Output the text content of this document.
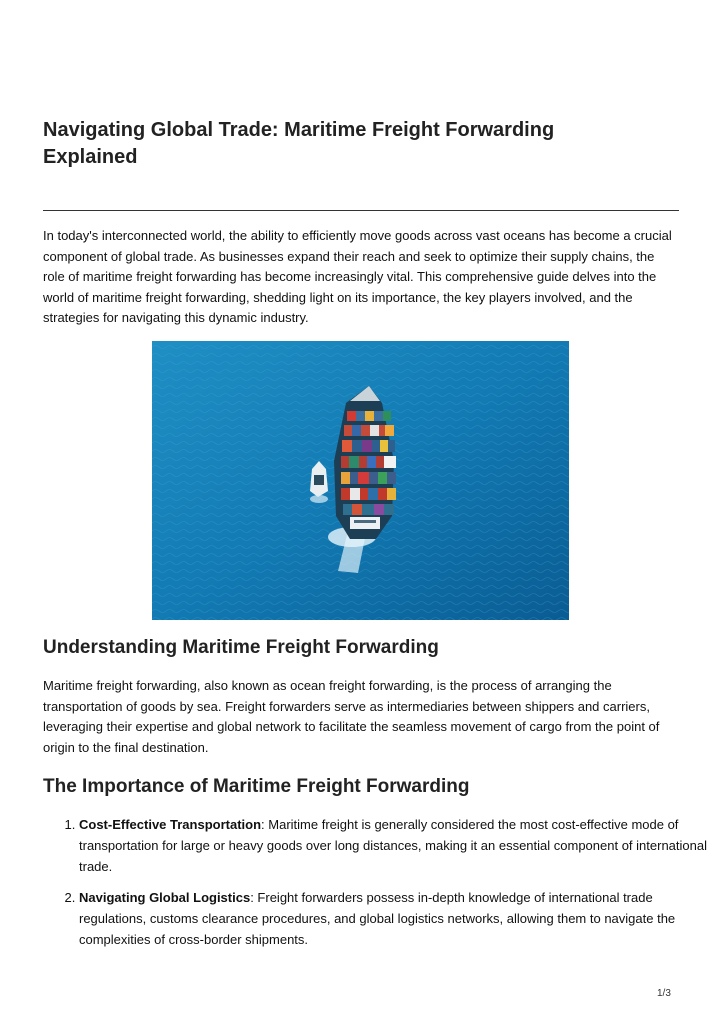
Navigating Global Trade: Maritime Freight Forwarding Explained

In today's interconnected world, the ability to efficiently move goods across vast oceans has become a crucial component of global trade. As businesses expand their reach and seek to optimize their supply chains, the role of maritime freight forwarding has become increasingly vital. This comprehensive guide delves into the world of maritime freight forwarding, shedding light on its importance, the key players involved, and the strategies for navigating this dynamic industry.

Understanding Maritime Freight Forwarding

Maritime freight forwarding, also known as ocean freight forwarding, is the process of arranging the transportation of goods by sea. Freight forwarders serve as intermediaries between shippers and carriers, leveraging their expertise and global network to facilitate the seamless movement of cargo from the point of origin to the final destination.

The Importance of Maritime Freight Forwarding
1. Cost-Effective Transportation: Maritime freight is generally considered the most cost-effective mode of transportation for large or heavy goods over long distances, making it an essential component of international trade.
2. Navigating Global Logistics: Freight forwarders possess in-depth knowledge of international trade regulations, customs clearance procedures, and global logistics networks, allowing them to navigate the complexities of cross-border shipments.
1/3
